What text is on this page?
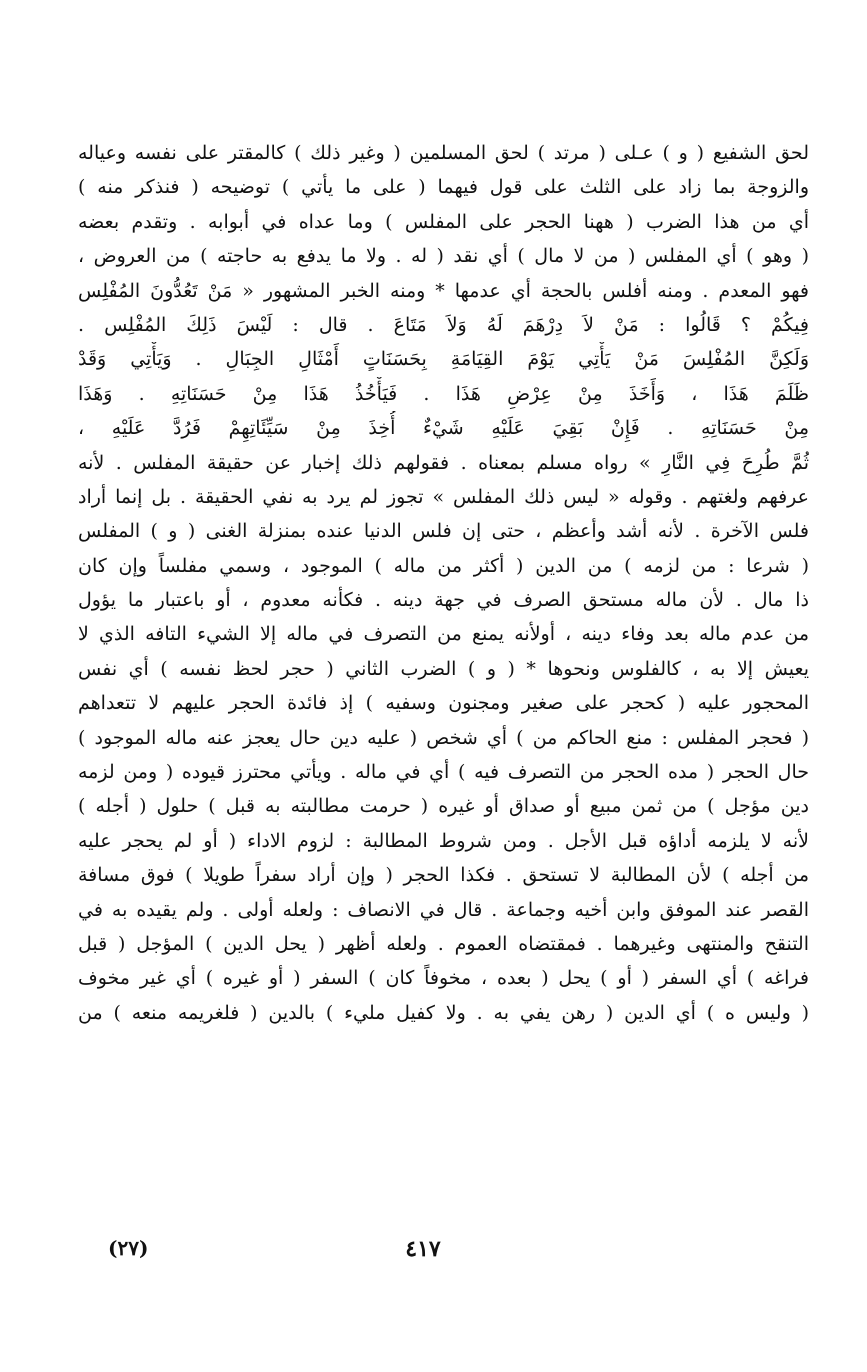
لحق الشفيع ( و ) عـلى ( مرتد ) لحق المسلمين ( وغير ذلك ) كالمقتر على نفسه وعياله
والزوجة بما زاد على الثلث على قول فيهما ( على ما يأتي ) توضيحه ( فنذكر منه )
أي من هذا الضرب ( ههنا الحجر على المفلس ) وما عداه في أبوابه . وتقدم بعضه
( وهو ) أي المفلس ( من لا مال ) أي نقد ( له . ولا ما يدفع به حاجته ) من العروض ،
فهو المعدم . ومنه أفلس بالحجة أي عدمها * ومنه الخبر المشهور « مَنْ تَعُدُّونَ المُفْلِس
فِيكُمْ ؟ قَالُوا : مَنْ لاَ دِرْهَمَ لَهُ وَلاَ مَتَاعَ . قال : لَيْسَ ذَلِكَ المُفْلِس .
وَلَكِنَّ المُفْلِسَ مَنْ يَأْتِي يَوْمَ القِيَامَةِ بِحَسَنَاتٍ أَمْثَالِ الجِبَالِ . وَيَأْتِي وَقَدْ
ظَلَمَ هَذَا ، وَأَخَذَ مِنْ عِرْضِ هَذَا . فَيَأْخُذُ هَذَا مِنْ حَسَنَاتِهِ . وَهَذَا
مِنْ حَسَنَاتِهِ . فَإِنْ بَقِيَ عَلَيْهِ شَيْءٌ أُخِذَ مِنْ سَيِّئَاتِهِمْ فَرُدَّ عَلَيْهِ ،
ثُمَّ طُرِحَ فِي النَّارِ » رواه مسلم بمعناه . فقولهم ذلك إخبار عن حقيقة المفلس . لأنه
عرفهم ولغتهم . وقوله « ليس ذلك المفلس » تجوز لم يرد به نفي الحقيقة . بل إنما أراد
فلس الآخرة . لأنه أشد وأعظم ، حتى إن فلس الدنيا عنده بمنزلة الغنى ( و ) المفلس
( شرعا : من لزمه ) من الدين ( أكثر من ماله ) الموجود ، وسمي مفلساً وإن كان
ذا مال . لأن ماله مستحق الصرف في جهة دينه . فكأنه معدوم ، أو باعتبار ما يؤول
من عدم ماله بعد وفاء دينه ، أولأنه يمنع من التصرف في ماله إلا الشيء التافه الذي لا
يعيش إلا به ، كالفلوس ونحوها * ( و ) الضرب الثاني ( حجر لحظ نفسه ) أي نفس
المحجور عليه ( كحجر على صغير ومجنون وسفيه ) إذ فائدة الحجر عليهم لا تتعداهم
( فحجر المفلس : منع الحاكم من ) أي شخص ( عليه دين حال يعجز عنه ماله الموجود )
حال الحجر ( مده الحجر من التصرف فيه ) أي في ماله . ويأتي محترز قيوده ( ومن لزمه
دين مؤجل ) من ثمن مبيع أو صداق أو غيره ( حرمت مطالبته به قبل ) حلول ( أجله )
لأنه لا يلزمه أداؤه قبل الأجل . ومن شروط المطالبة : لزوم الاداء ( أو لم يحجر عليه
من أجله ) لأن المطالبة لا تستحق . فكذا الحجر ( وإن أراد سفراً طويلا ) فوق مسافة
القصر عند الموفق وابن أخيه وجماعة . قال في الانصاف : ولعله أولى . ولم يقيده به في
التنقح والمنتهى وغيرهما . فمقتضاه العموم . ولعله أظهر ( يحل الدين ) المؤجل ( قبل
فراغه ) أي السفر ( أو ) يحل ( بعده ، مخوفاً كان ) السفر ( أو غيره ) أي غير مخوف
( وليس ه ) أي الدين ( رهن يفي به . ولا كفيل مليء ) بالدين ( فلغريمه منعه ) من
٤١٧
(٢٧)
